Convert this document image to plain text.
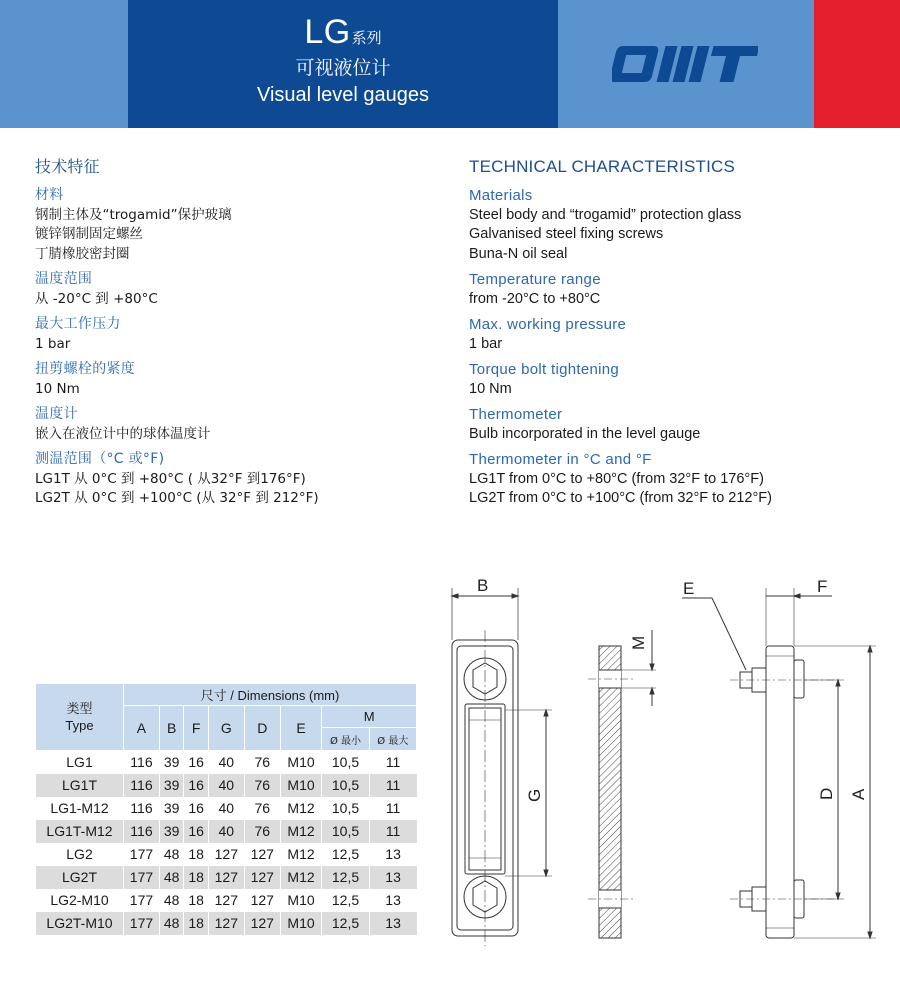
LG系列
可视液位计
Visual level gauges
技术特征
材料
钢制主体及“trogamid”保护玻璃
镀锌钢制固定螺丝
丁腈橡胶密封圈
温度范围
从 -20°C 到 +80°C
最大工作压力
1 bar
扭剪螺栓的紧度
10 Nm
温度计
嵌入在液位计中的球体温度计
测温范围（°C 或°F)
LG1T 从 0°C 到 +80°C ( 从32°F 到176°F)
LG2T 从 0°C 到 +100°C (从 32°F 到 212°F)
TECHNICAL CHARACTERISTICS
Materials
Steel body and “trogamid” protection glass
Galvanised steel fixing screws
Buna-N oil seal
Temperature range
from -20°C to +80°C
Max. working pressure
1 bar
Torque bolt tightening
10 Nm
Thermometer
Bulb incorporated in the level gauge
Thermometer in °C and °F
LG1T from 0°C to +80°C (from 32°F to 176°F)
LG2T from 0°C to +100°C (from 32°F to 212°F)
类型
Type	尺寸 / Dimensions (mm)							
	A	B	F	G	D	E	M	
							Ø 最小	Ø 最大
LG1	116	39	16	40	76	M10	10,5	11
LG1T	116	39	16	40	76	M10	10,5	11
LG1-M12	116	39	16	40	76	M12	10,5	11
LG1T-M12	116	39	16	40	76	M12	10,5	11
LG2	177	48	18	127	127	M12	12,5	13
LG2T	177	48	18	127	127	M12	12,5	13
LG2-M10	177	48	18	127	127	M10	12,5	13
LG2T-M10	177	48	18	127	127	M10	12,5	13
B
M
G
E	F
D A
